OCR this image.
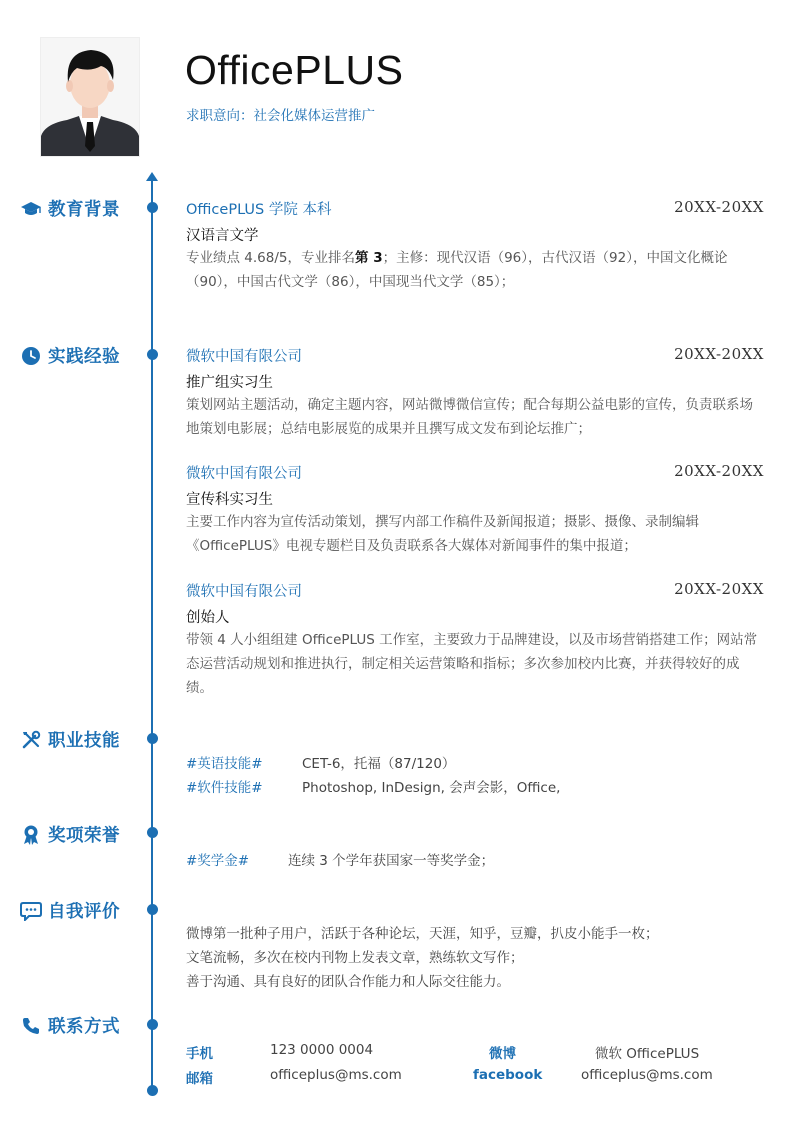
OfficePLUS
求职意向：社会化媒体运营推广
教育背景	OfficePLUS 学院 本科	20XX-20XX
汉语言文学
专业绩点 4.68/5，专业排名第 3；主修：现代汉语（96），古代汉语（92），中国文化概论（90），中国古代文学（86），中国现当代文学（85）；
实践经验	微软中国有限公司	20XX-20XX
推广组实习生
策划网站主题活动，确定主题内容，网站微博微信宣传；配合每期公益电影的宣传，负责联系场地策划电影展；总结电影展览的成果并且撰写成文发布到论坛推广；
微软中国有限公司	20XX-20XX
宣传科实习生
主要工作内容为宣传活动策划，撰写内部工作稿件及新闻报道；摄影、摄像、录制编辑《OfficePLUS》电视专题栏目及负责联系各大媒体对新闻事件的集中报道；
微软中国有限公司	20XX-20XX
创始人
带领 4 人小组组建 OfficePLUS 工作室，主要致力于品牌建设，以及市场营销搭建工作；网站常态运营活动规划和推进执行，制定相关运营策略和指标；多次参加校内比赛，并获得较好的成绩。
职业技能
#英语技能#	CET-6，托福（87/120）
#软件技能#	Photoshop, InDesign, 会声会影，Office,
奖项荣誉
#奖学金#	连续 3 个学年获国家一等奖学金；
自我评价
微博第一批种子用户，活跃于各种论坛，天涯，知乎，豆瓣，扒皮小能手一枚；
文笔流畅，多次在校内刊物上发表文章，熟练软文写作；
善于沟通、具有良好的团队合作能力和人际交往能力。
联系方式
手机	123 0000 0004	微博	微软 OfficePLUS
邮箱	officeplus@ms.com	facebook	officeplus@ms.com
